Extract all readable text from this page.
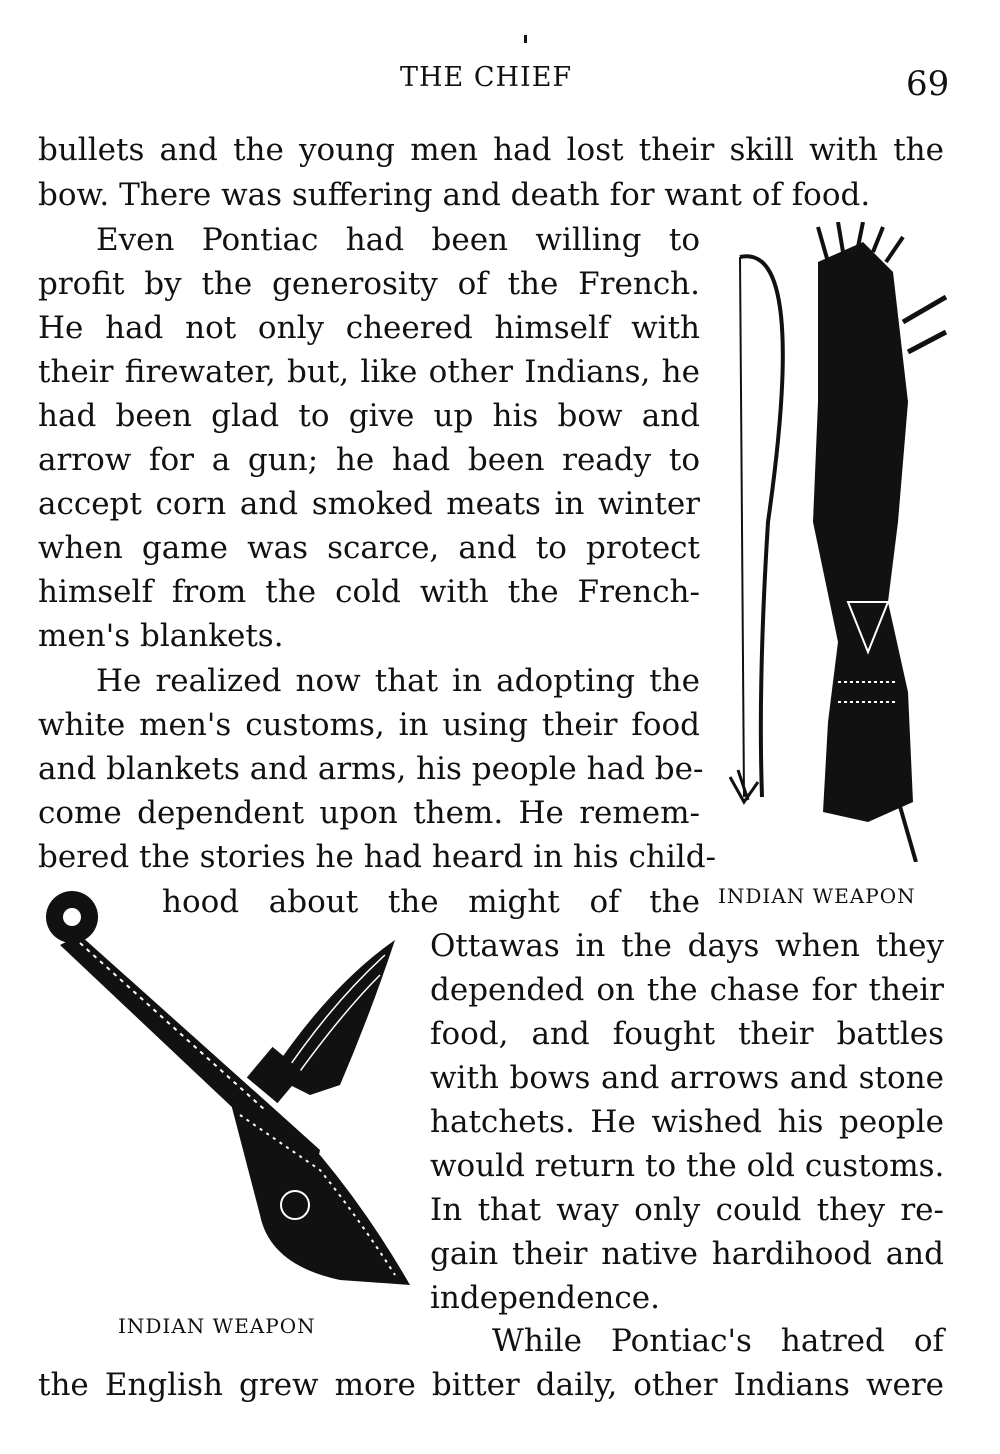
THE CHIEF	69
bullets and the young men had lost their skill with the
bow. There was suffering and death for want of food.
Even Pontiac had been willing to
profit by the generosity of the French.
He had not only cheered himself with
their firewater, but, like other Indians, he
had been glad to give up his bow and
arrow for a gun; he had been ready to
accept corn and smoked meats in winter
when game was scarce, and to protect
himself from the cold with the French-
men's blankets.
He realized now that in adopting the
white men's customs, in using their food
and blankets and arms, his people had be-
come dependent upon them. He remem-
bered the stories he had heard in his child-
hood about the might of the
Ottawas in the days when they
depended on the chase for their
food, and fought their battles
with bows and arrows and stone
hatchets. He wished his people
would return to the old customs.
In that way only could they re-
gain their native hardihood and
independence.
While Pontiac's hatred of
the English grew more bitter daily, other Indians were
INDIAN WEAPON
INDIAN WEAPON
